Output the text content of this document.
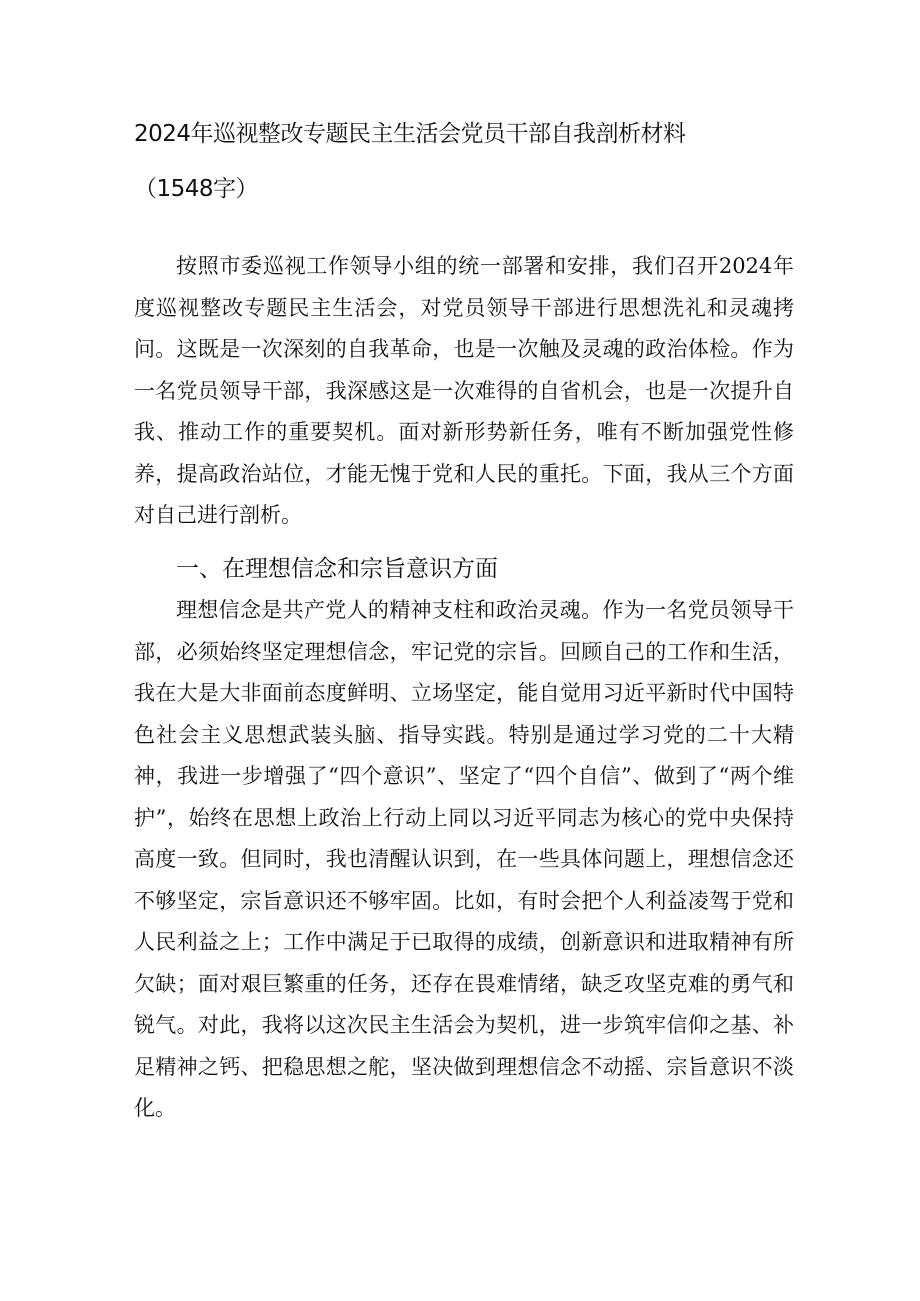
2024年巡视整改专题民主生活会党员干部自我剖析材料

（1548字）

按照市委巡视工作领导小组的统一部署和安排，我们召开2024年度巡视整改专题民主生活会，对党员领导干部进行思想洗礼和灵魂拷问。这既是一次深刻的自我革命，也是一次触及灵魂的政治体检。作为一名党员领导干部，我深感这是一次难得的自省机会，也是一次提升自我、推动工作的重要契机。面对新形势新任务，唯有不断加强党性修养，提高政治站位，才能无愧于党和人民的重托。下面，我从三个方面对自己进行剖析。

一、在理想信念和宗旨意识方面

理想信念是共产党人的精神支柱和政治灵魂。作为一名党员领导干部，必须始终坚定理想信念，牢记党的宗旨。回顾自己的工作和生活，我在大是大非面前态度鲜明、立场坚定，能自觉用习近平新时代中国特色社会主义思想武装头脑、指导实践。特别是通过学习党的二十大精神，我进一步增强了“四个意识”、坚定了“四个自信”、做到了“两个维护”，始终在思想上政治上行动上同以习近平同志为核心的党中央保持高度一致。但同时，我也清醒认识到，在一些具体问题上，理想信念还不够坚定，宗旨意识还不够牢固。比如，有时会把个人利益凌驾于党和人民利益之上；工作中满足于已取得的成绩，创新意识和进取精神有所欠缺；面对艰巨繁重的任务，还存在畏难情绪，缺乏攻坚克难的勇气和锐气。对此，我将以这次民主生活会为契机，进一步筑牢信仰之基、补足精神之钙、把稳思想之舵，坚决做到理想信念不动摇、宗旨意识不淡化。
